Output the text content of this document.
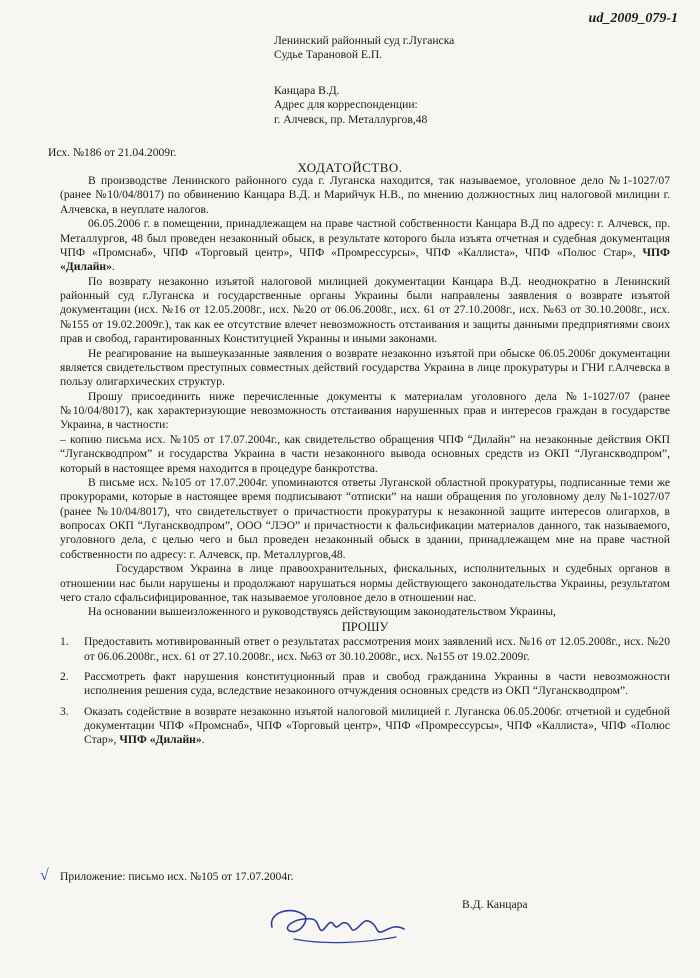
ud_2009_079-1
Ленинский районный суд г.Луганска
Судье Тарановой Е.П.
Канцара В.Д.
Адрес для корреспонденции:
г. Алчевск, пр. Металлургов,48
Исх. №186 от 21.04.2009г.
ХОДАТОЙСТВО.

В производстве Ленинского районного суда г. Луганска находится, так называемое, уголовное дело №1-1027/07 (ранее №10/04/8017) по обвинению Канцара В.Д. и Марийчук Н.В., по мнению должностных лиц налоговой милиции г. Алчевска, в неуплате налогов.

06.05.2006 г. в помещении, принадлежащем на праве частной собственности Канцара В.Д по адресу: г. Алчевск, пр. Металлургов, 48 был проведен незаконный обыск, в результате которого была изъята отчетная и судебная документация ЧПФ «Промснаб», ЧПФ «Торговый центр», ЧПФ «Промрессурсы», ЧПФ «Каллиста», ЧПФ «Полюс Стар», ЧПФ «Дилайн».

По возврату незаконно изъятой налоговой милицией документации Канцара В.Д. неоднократно в Ленинский районный суд г.Луганска и государственные органы Украины были направлены заявления о возврате изъятой документации (исх. №16 от 12.05.2008г., исх. №20 от 06.06.2008г., исх. 61 от 27.10.2008г., исх. №63 от 30.10.2008г., исх. №155 от 19.02.2009г.), так как ее отсутствие влечет невозможность отстаивания и защиты данными предприятиями своих прав и свобод, гарантированных Конституцией Украины и иными законами.

Не реагирование на вышеуказанные заявления о возврате незаконно изъятой при обыске 06.05.2006г документации является свидетельством преступных совместных действий государства Украина в лице прокуратуры и ГНИ г.Алчевска в пользу олигархических структур.

Прошу присоединить ниже перечисленные документы к материалам уголовного дела №1-1027/07 (ранее №10/04/8017), как характеризующие невозможность отстаивания нарушенных прав и интересов граждан в государстве Украина, в частности:

– копию письма исх. №105 от 17.07.2004г., как свидетельство обращения ЧПФ “Дилайн” на незаконные действия ОКП “Луганскводпром” и государства Украина в части незаконного вывода основных средств из ОКП “Луганскводпром”, который в настоящее время находится в процедуре банкротства.

В письме исх. №105 от 17.07.2004г. упоминаются ответы Луганской областной прокуратуры, подписанные теми же прокурорами, которые в настоящее время подписывают “отписки” на наши обращения по уголовному делу №1-1027/07 (ранее №10/04/8017), что свидетельствует о причастности прокуратуры к незаконной защите интересов олигархов, в вопросах ОКП “Луганскводпром”, ООО “ЛЭО” и причастности к фальсификации материалов данного, так называемого, уголовного дела, с целью чего и был проведен незаконный обыск в здании, принадлежащем мне на праве частной собственности по адресу: г. Алчевск, пр. Металлургов,48.

Государством Украина в лице правоохранительных, фискальных, исполнительных и судебных органов в отношении нас были нарушены и продолжают нарушаться нормы действующего законодательства Украины, результатом чего стало сфальсифицированное, так называемое уголовное дело в отношении нас.

На основании вышеизложенного и руководствуясь действующим законодательством Украины,

ПРОШУ

1.	Предоставить мотивированный ответ о результатах рассмотрения моих заявлений исх. №16 от 12.05.2008г., исх. №20 от 06.06.2008г., исх. 61 от 27.10.2008г., исх. №63 от 30.10.2008г., исх. №155 от 19.02.2009г.
2.	Рассмотреть факт нарушения конституционный прав и свобод гражданина Украины в части невозможности исполнения решения суда, вследствие незаконного отчуждения основных средств из ОКП “Луганскводпром”.
3.	Оказать содействие в возврате незаконно изъятой налоговой милицией г. Луганска 06.05.2006г. отчетной и судебной документации ЧПФ «Промснаб», ЧПФ «Торговый центр», ЧПФ «Промрессурсы», ЧПФ «Каллиста», ЧПФ «Полюс Стар», ЧПФ «Дилайн».
√ Приложение: письмо исх. №105 от 17.07.2004г.
В.Д. Канцара
